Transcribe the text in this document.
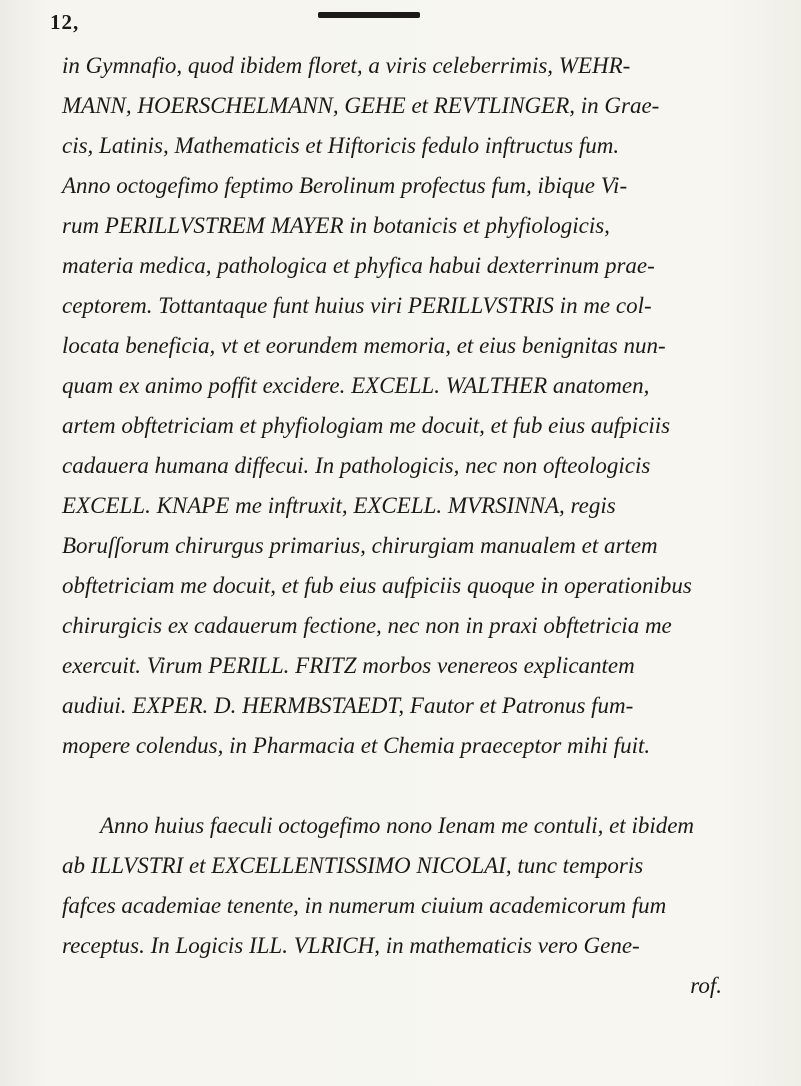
12,
in Gymnafio, quod ibidem floret, a viris celeberrimis, WEHR-
MANN, HOERSCHELMANN, GEHE et REVTLINGER, in Grae-
cis, Latinis, Mathematicis et Hiftoricis fedulo inftructus fum.
Anno octogefimo feptimo Berolinum profectus fum, ibique Vi-
rum PERILLVSTREM MAYER in botanicis et phyfiologicis,
materia medica, pathologica et phyfica habui dexterrinum praе-
ceptorem. Tottantaque funt huius viri PERILLVSTRIS in me col-
locata beneficia, vt et eorundem memoria, et eius benignitas nun-
quam ex animo poffit excidere. EXCELL. WALTHER anatomen,
artem obftetriciam et phyfiologiam me docuit, et fub eius aufpiciis
cadauera humana diffecui. In pathologicis, nec non ofteologicis
EXCELL. KNAPE me inftruxit, EXCELL. MVRSINNA, regis
Boruſſorum chirurgus primarius, chirurgiam manualem et artem
obftetriciam me docuit, et fub eius aufpiciis quoque in operationibus
chirurgicis ex cadauerum fectione, nec non in praxi obftetricia me
exercuit. Virum PERILL. FRITZ morbos venereos explicantem
audiui. EXPER. D. HERMBSTAEDT, Fautor et Patronus fum-
mopere colendus, in Pharmacia et Chemia praeceptor mihi fuit.
Anno huius faeculi octogefimo nono Ienam me contuli, et ibidem
ab ILLVSTRI et EXCELLENTISSIMO NICOLAI, tunc temporis
fafces academiae tenente, in numerum ciuium academicorum fum
receptus. In Logicis ILL. VLRICH, in mathematicis vero Gene-
rof.
